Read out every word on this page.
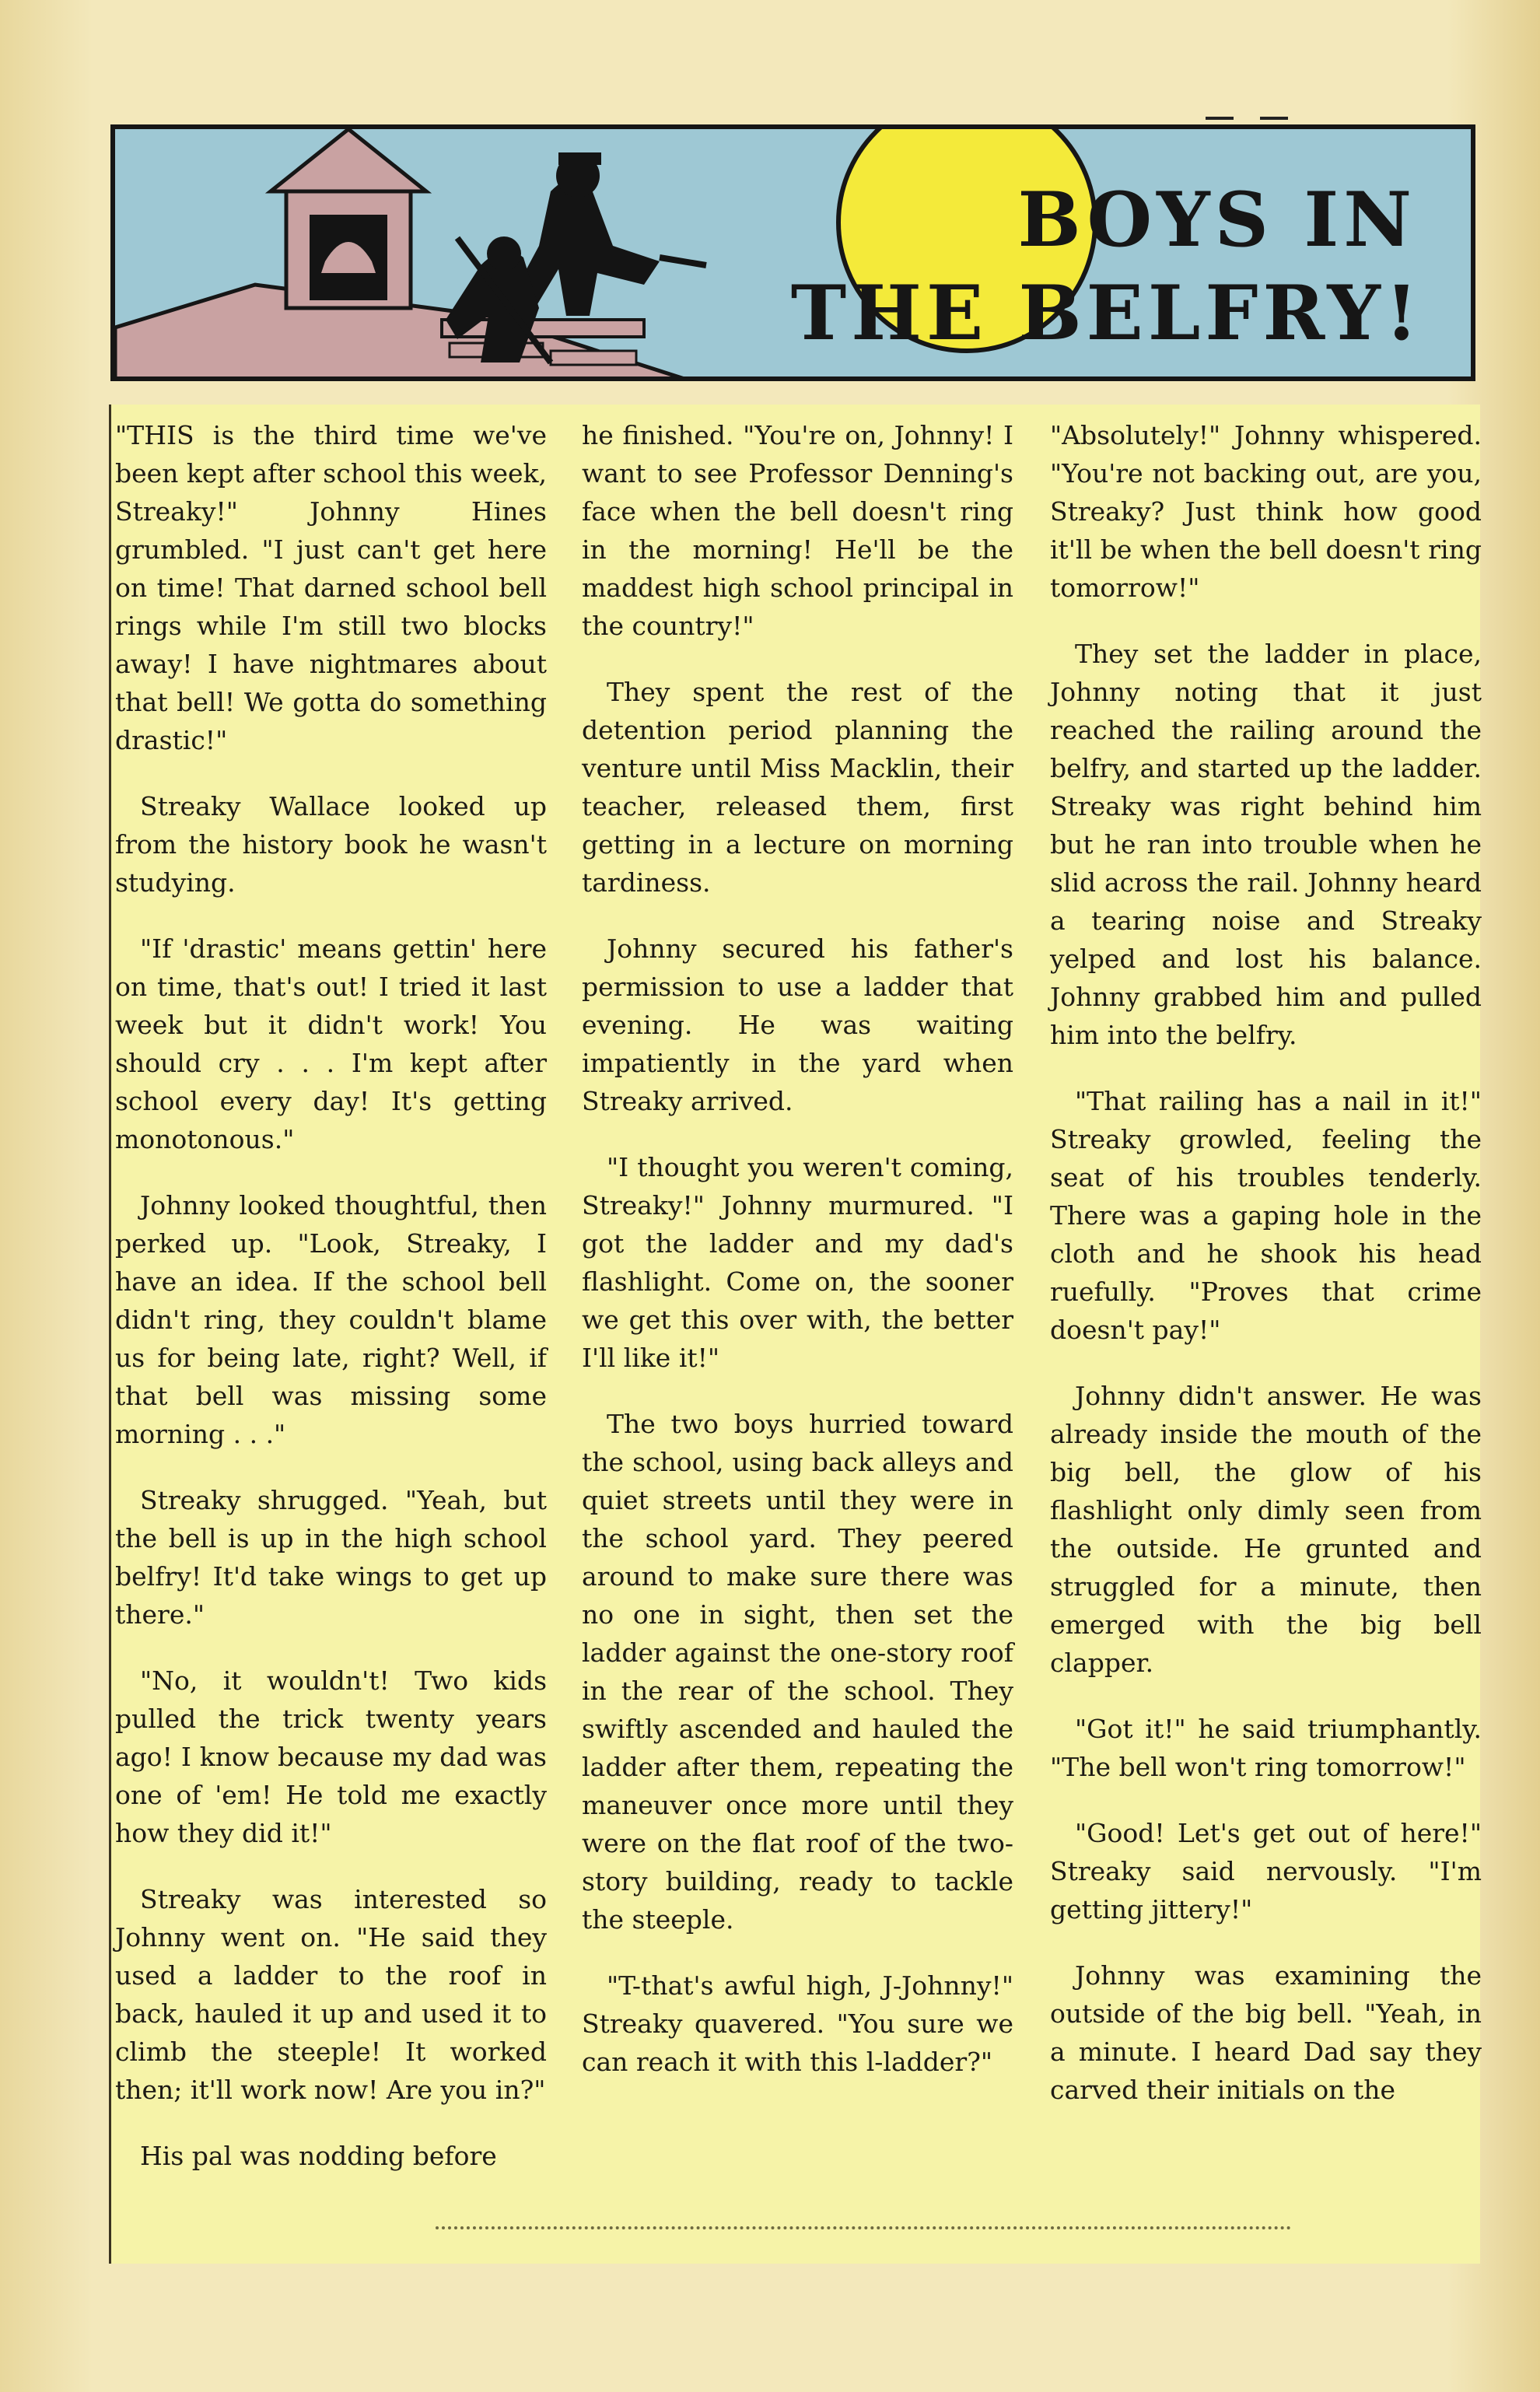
BOYS IN
THE BELFRY!

"THIS is the third time we've been kept after school this week, Streaky!" Johnny Hines grumbled. "I just can't get here on time! That darned school bell rings while I'm still two blocks away! I have nightmares about that bell! We gotta do something drastic!"

Streaky Wallace looked up from the history book he wasn't studying.

"If 'drastic' means gettin' here on time, that's out! I tried it last week but it didn't work! You should cry . . . I'm kept after school every day! It's getting monotonous."

Johnny looked thoughtful, then perked up. "Look, Streaky, I have an idea. If the school bell didn't ring, they couldn't blame us for being late, right? Well, if that bell was missing some morning . . ."

Streaky shrugged. "Yeah, but the bell is up in the high school belfry! It'd take wings to get up there."

"No, it wouldn't! Two kids pulled the trick twenty years ago! I know because my dad was one of 'em! He told me exactly how they did it!"

Streaky was interested so Johnny went on. "He said they used a ladder to the roof in back, hauled it up and used it to climb the steeple! It worked then; it'll work now! Are you in?"

His pal was nodding before

he finished. "You're on, Johnny! I want to see Professor Denning's face when the bell doesn't ring in the morning! He'll be the maddest high school principal in the country!"

They spent the rest of the detention period planning the venture until Miss Macklin, their teacher, released them, first getting in a lecture on morning tardiness.

Johnny secured his father's permission to use a ladder that evening. He was waiting impatiently in the yard when Streaky arrived.

"I thought you weren't coming, Streaky!" Johnny murmured. "I got the ladder and my dad's flashlight. Come on, the sooner we get this over with, the better I'll like it!"

The two boys hurried toward the school, using back alleys and quiet streets until they were in the school yard. They peered around to make sure there was no one in sight, then set the ladder against the one-story roof in the rear of the school. They swiftly ascended and hauled the ladder after them, repeating the maneuver once more until they were on the flat roof of the two-story building, ready to tackle the steeple.

"T-that's awful high, J-Johnny!" Streaky quavered. "You sure we can reach it with this l-ladder?"

"Absolutely!" Johnny whispered. "You're not backing out, are you, Streaky? Just think how good it'll be when the bell doesn't ring tomorrow!"

They set the ladder in place, Johnny noting that it just reached the railing around the belfry, and started up the ladder. Streaky was right behind him but he ran into trouble when he slid across the rail. Johnny heard a tearing noise and Streaky yelped and lost his balance. Johnny grabbed him and pulled him into the belfry.

"That railing has a nail in it!" Streaky growled, feeling the seat of his troubles tenderly. There was a gaping hole in the cloth and he shook his head ruefully. "Proves that crime doesn't pay!"

Johnny didn't answer. He was already inside the mouth of the big bell, the glow of his flashlight only dimly seen from the outside. He grunted and struggled for a minute, then emerged with the big bell clapper.

"Got it!" he said triumphantly. "The bell won't ring tomorrow!"

"Good! Let's get out of here!" Streaky said nervously. "I'm getting jittery!"

Johnny was examining the outside of the big bell. "Yeah, in a minute. I heard Dad say they carved their initials on the
